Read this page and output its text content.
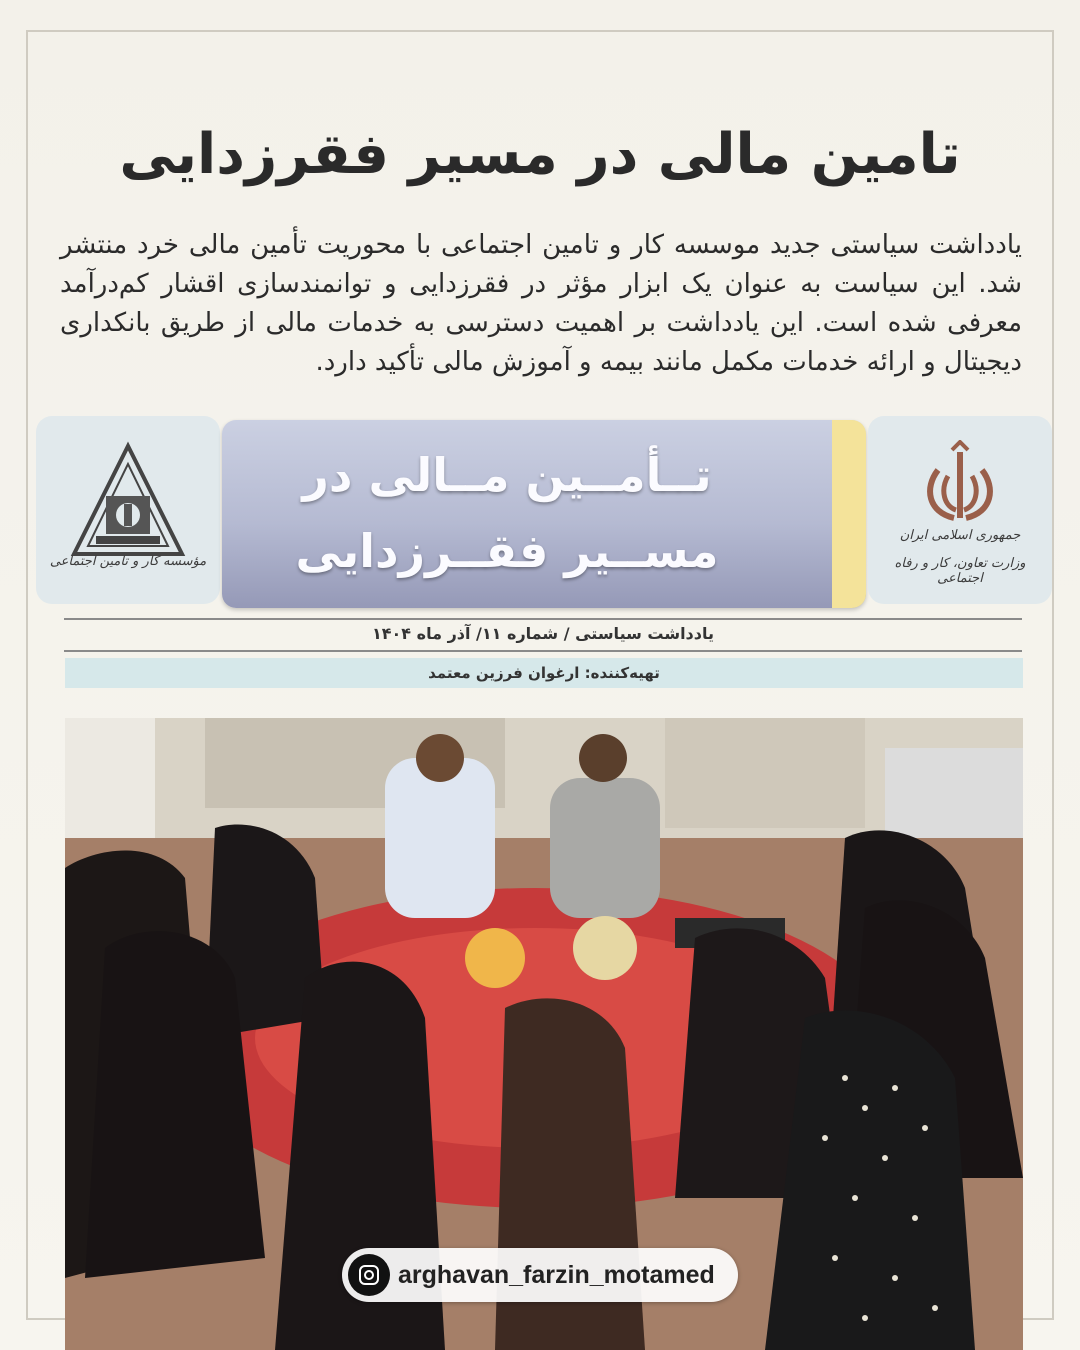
تامین مالی در مسیر فقرزدایی
یادداشت سیاستی جدید موسسه کار و تامین اجتماعی با محوریت تأمین مالی خرد منتشر شد. این سیاست به عنوان یک ابزار مؤثر در فقرزدایی و توانمندسازی اقشار کم‌درآمد معرفی شده است. این یادداشت بر اهمیت دسترسی به خدمات مالی از طریق بانکداری دیجیتال و ارائه خدمات مکمل مانند بیمه و آموزش مالی تأکید دارد.
مؤسسه کار و تامین اجتماعی
تــأمــین مــالی در
مســیر فقــرزدایی	جمهوری اسلامی ایران
وزارت تعاون، کار و رفاه اجتماعی
یادداشت سیاستی / شماره ۱۱/ آذر ماه ۱۴۰۴
تهیه‌کننده: ارغوان فرزین معتمد
arghavan_farzin_motamed
